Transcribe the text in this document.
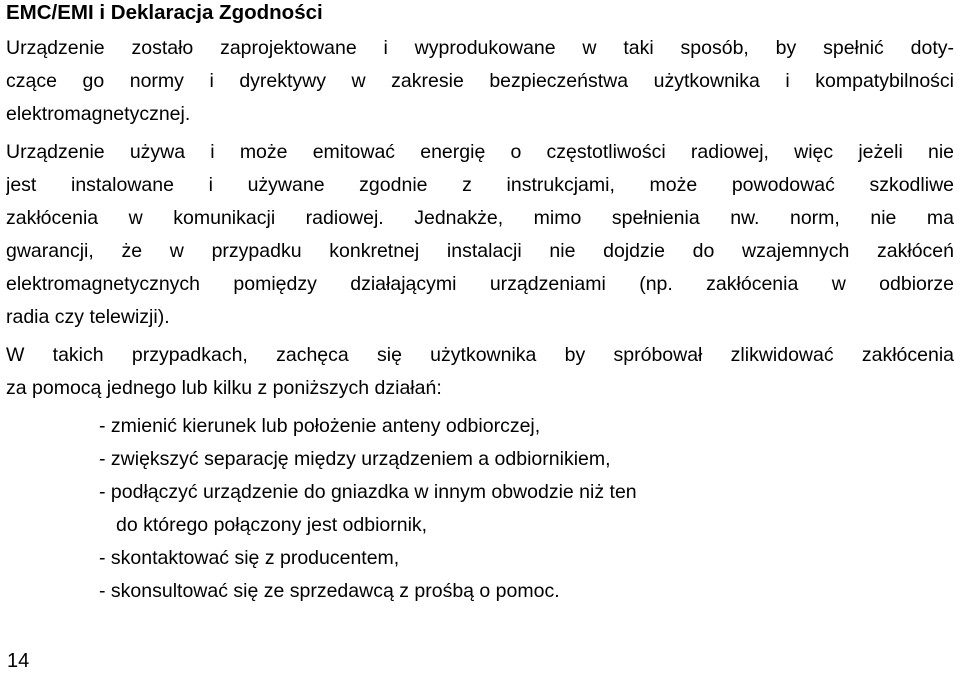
EMC/EMI i Deklaracja Zgodności
Urządzenie zostało zaprojektowane i wyprodukowane w taki sposób, by spełnić doty-
czące go normy i dyrektywy w zakresie bezpieczeństwa użytkownika i kompatybilności
elektromagnetycznej.
Urządzenie używa i może emitować energię o częstotliwości radiowej, więc jeżeli nie
jest instalowane i używane zgodnie z instrukcjami, może powodować szkodliwe
zakłócenia w komunikacji radiowej. Jednakże, mimo spełnienia nw. norm, nie ma
gwarancji, że w przypadku konkretnej instalacji nie dojdzie do wzajemnych zakłóceń
elektromagnetycznych pomiędzy działającymi urządzeniami (np. zakłócenia w odbiorze
radia czy telewizji).
W takich przypadkach, zachęca się użytkownika by spróbował zlikwidować zakłócenia
za pomocą jednego lub kilku z poniższych działań:
- zmienić kierunek lub położenie anteny odbiorczej,
- zwiększyć separację między urządzeniem a odbiornikiem,
- podłączyć urządzenie do gniazdka w innym obwodzie niż ten
do którego połączony jest odbiornik,
- skontaktować się z producentem,
- skonsultować się ze sprzedawcą z prośbą o pomoc.
14
